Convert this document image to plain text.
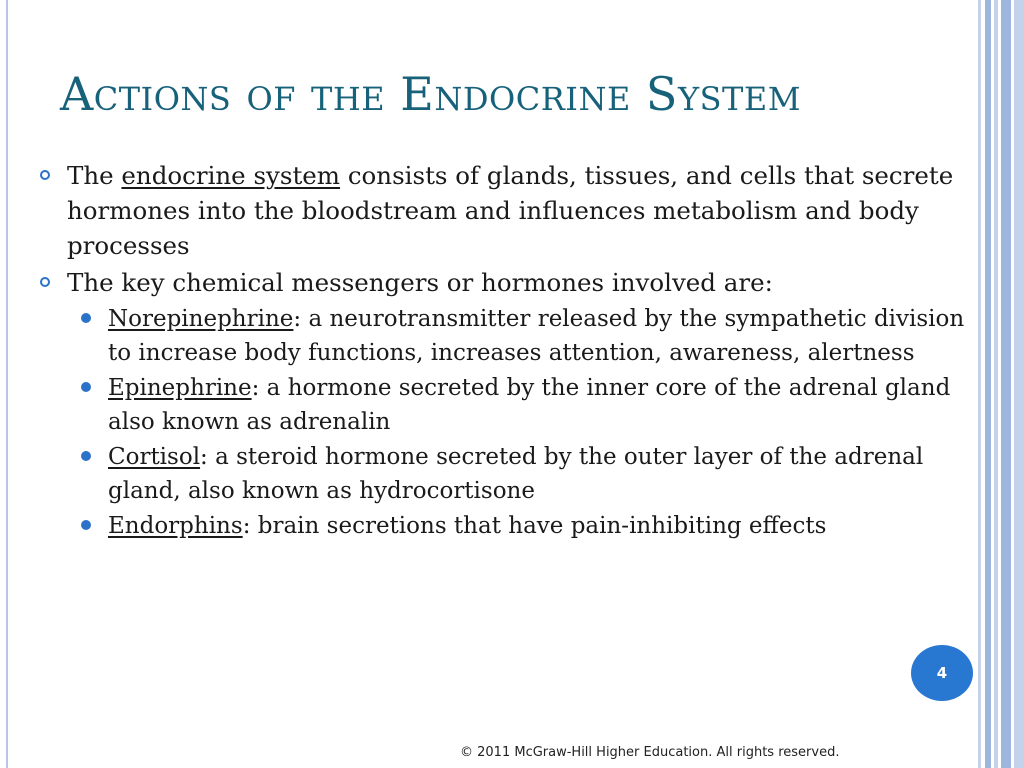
Actions of the Endocrine System
The endocrine system consists of glands, tissues, and cells that secrete hormones into the bloodstream and influences metabolism and body processes
The key chemical messengers or hormones involved are:
Norepinephrine: a neurotransmitter released by the sympathetic division to increase body functions, increases attention, awareness, alertness
Epinephrine: a hormone secreted by the inner core of the adrenal gland also known as adrenalin
Cortisol: a steroid hormone secreted by the outer layer of the adrenal gland, also known as hydrocortisone
Endorphins: brain secretions that have pain-inhibiting effects
4
© 2011 McGraw-Hill Higher Education. All rights reserved.
